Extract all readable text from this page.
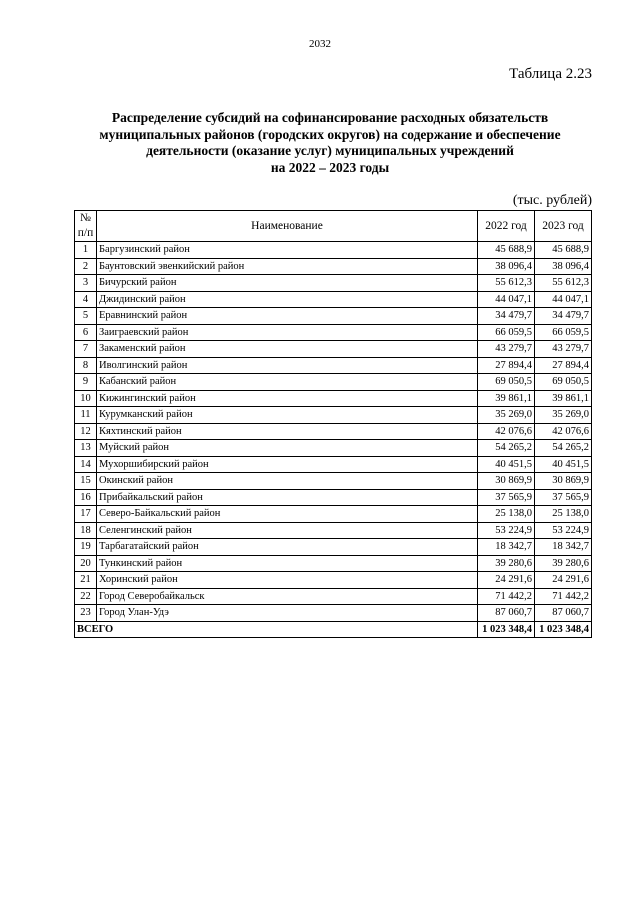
2032
Таблица 2.23
Распределение субсидий на софинансирование расходных обязательств
муниципальных районов (городских округов) на содержание и обеспечение
деятельности (оказание услуг) муниципальных учреждений
на 2022 – 2023 годы
(тыс. рублей)
№
п/п	Наименование	2022 год	2023 год
1	Баргузинский район	45 688,9	45 688,9
2	Баунтовский эвенкийский район	38 096,4	38 096,4
3	Бичурский район	55 612,3	55 612,3
4	Джидинский район	44 047,1	44 047,1
5	Еравнинский район	34 479,7	34 479,7
6	Заиграевский район	66 059,5	66 059,5
7	Закаменский район	43 279,7	43 279,7
8	Иволгинский район	27 894,4	27 894,4
9	Кабанский район	69 050,5	69 050,5
10	Кижингинский район	39 861,1	39 861,1
11	Курумканский район	35 269,0	35 269,0
12	Кяхтинский район	42 076,6	42 076,6
13	Муйский район	54 265,2	54 265,2
14	Мухоршибирский район	40 451,5	40 451,5
15	Окинский район	30 869,9	30 869,9
16	Прибайкальский район	37 565,9	37 565,9
17	Северо-Байкальский район	25 138,0	25 138,0
18	Селенгинский район	53 224,9	53 224,9
19	Тарбагатайский район	18 342,7	18 342,7
20	Тункинский район	39 280,6	39 280,6
21	Хоринский район	24 291,6	24 291,6
22	Город Северобайкальск	71 442,2	71 442,2
23	Город Улан-Удэ	87 060,7	87 060,7
ВСЕГО		1 023 348,4	1 023 348,4
